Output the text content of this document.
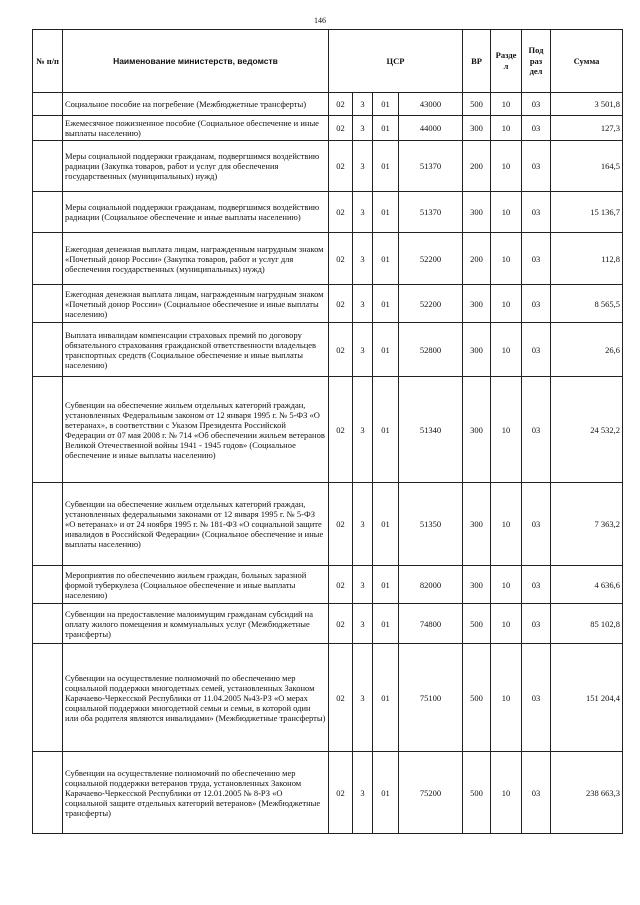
146
№ п/п	Наименование министерств, ведомств	ЦСР				ВР	Разде л	Под раз дел	Сумма
	Социальное пособие на погребение (Межбюджетные трансферты)	02	3	01	43000	500	10	03	3 501,8
	Ежемесячное пожизненное пособие (Социальное обеспечение и иные выплаты населению)	02	3	01	44000	300	10	03	127,3
	Меры социальной поддержки гражданам, подвергшимся воздействию радиации (Закупка товаров, работ и услуг для обеспечения государственных (муниципальных) нужд)	02	3	01	51370	200	10	03	164,5
	Меры социальной поддержки гражданам, подвергшимся воздействию радиации (Социальное обеспечение и иные выплаты населению)	02	3	01	51370	300	10	03	15 136,7
	Ежегодная денежная выплата лицам, награжденным нагрудным знаком «Почетный донор России» (Закупка товаров, работ и услуг для обеспечения государственных (муниципальных) нужд)	02	3	01	52200	200	10	03	112,8
	Ежегодная денежная выплата лицам, награжденным нагрудным знаком «Почетный донор России» (Социальное обеспечение и иные выплаты населению)	02	3	01	52200	300	10	03	8 565,5
	Выплата инвалидам компенсации страховых премий по договору обязательного страхования гражданской ответственности владельцев транспортных средств (Социальное обеспечение и иные выплаты населению)	02	3	01	52800	300	10	03	26,6
	Субвенции на обеспечение жильем отдельных категорий граждан, установленных Федеральным законом от 12 января 1995 г. № 5-ФЗ «О ветеранах», в соответствии с Указом Президента Российской Федерации от 07 мая 2008 г. № 714 «Об обеспечении жильем ветеранов Великой Отечественной войны 1941 - 1945 годов» (Социальное обеспечение и иные выплаты населению)	02	3	01	51340	300	10	03	24 532,2
	Субвенции на обеспечение жильем отдельных категорий граждан, установленных федеральными законами от 12 января 1995 г. № 5-ФЗ «О ветеранах» и от 24 ноября 1995 г. № 181-ФЗ «О социальной защите инвалидов в Российской Федерации» (Социальное обеспечение и иные выплаты населению)	02	3	01	51350	300	10	03	7 363,2
	Мероприятия по обеспечению жильем граждан, больных заразной формой туберкулеза (Социальное обеспечение и иные выплаты населению)	02	3	01	82000	300	10	03	4 636,6
	Субвенции на предоставление малоимущим гражданам субсидий на оплату жилого помещения и коммунальных услуг (Межбюджетные трансферты)	02	3	01	74800	500	10	03	85 102,8
	Субвенции на осуществление полномочий по обеспечению мер социальной поддержки многодетных семей, установленных Законом Карачаево-Черкесской Республики от 11.04.2005 №43-РЗ «О мерах социальной поддержки многодетной семьи и семьи, в которой один или оба родителя являются инвалидами» (Межбюджетные трансферты)	02	3	01	75100	500	10	03	151 204,4
	Субвенции на осуществление полномочий по обеспечению мер социальной поддержки ветеранов труда, установленных Законом Карачаево-Черкесской Республики от 12.01.2005 № 8-РЗ «О социальной защите отдельных категорий ветеранов» (Межбюджетные трансферты)	02	3	01	75200	500	10	03	238 663,3
